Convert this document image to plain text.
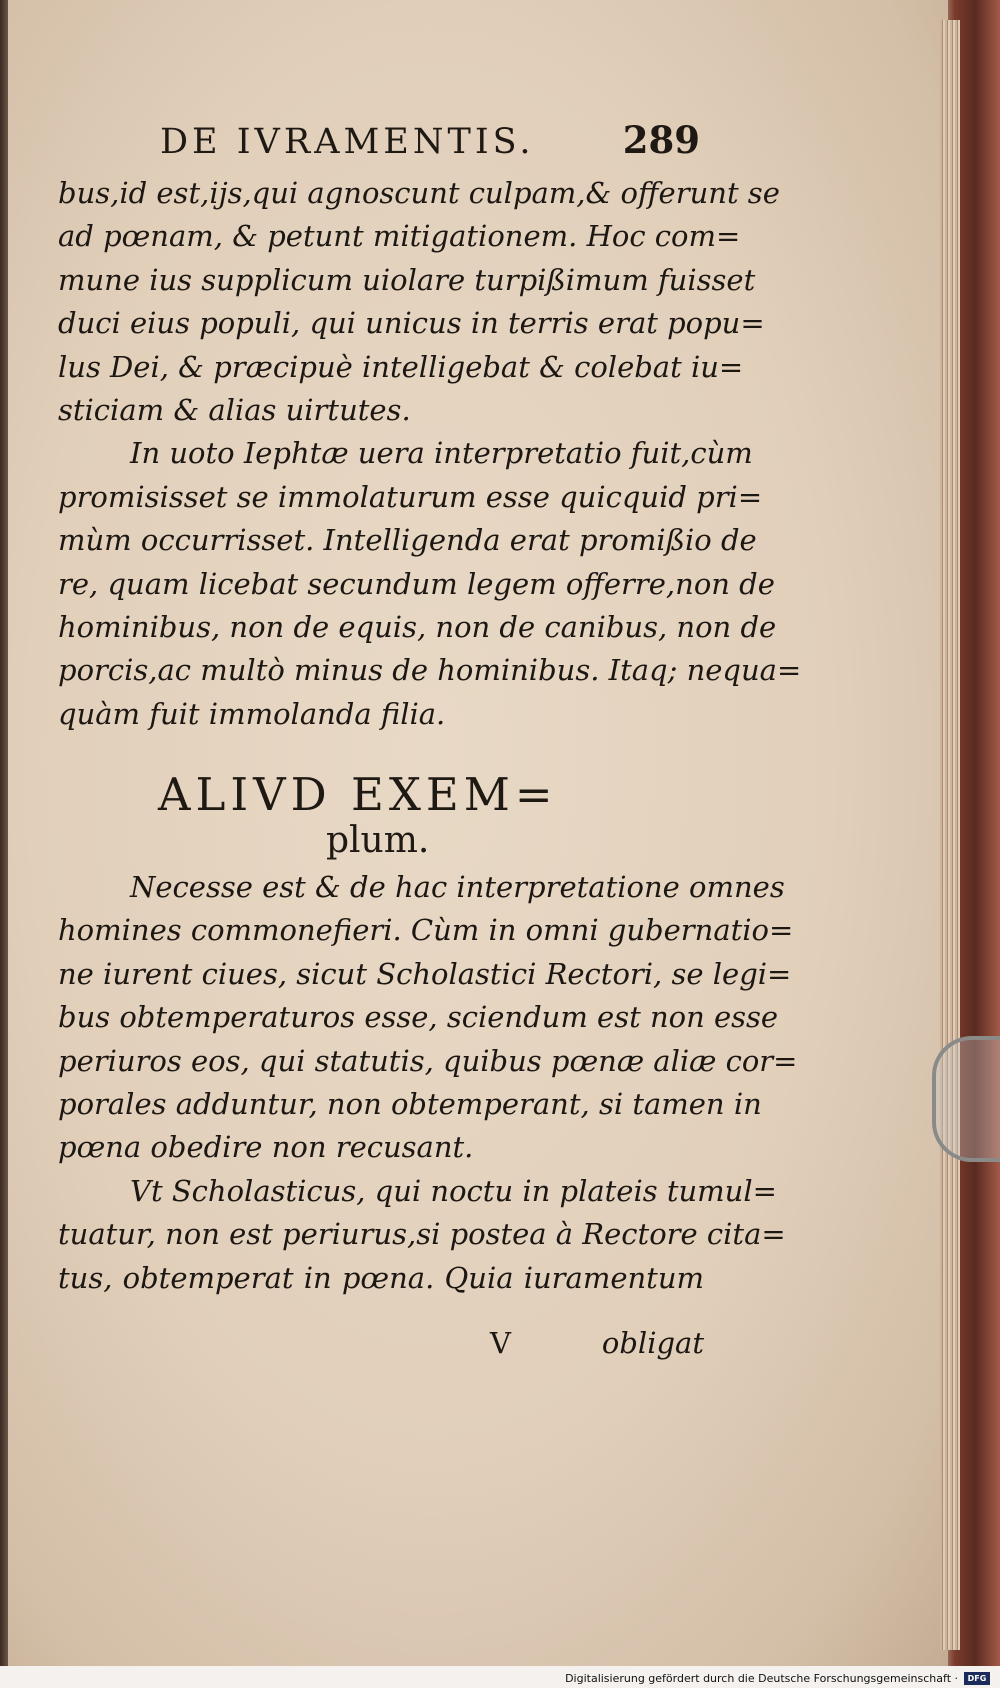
DE IVRAMENTIS. 289
bus,id est,ijs,qui agnoscunt culpam,& offerunt se
ad pœnam, & petunt mitigationem. Hoc com=
mune ius supplicum uiolare turpißimum fuisset
duci eius populi, qui unicus in terris erat popu=
lus Dei, & præcipuè intelligebat & colebat iu=
sticiam & alias uirtutes.
In uoto Iephtæ uera interpretatio fuit,cùm
promisisset se immolaturum esse quicquid pri=
mùm occurrisset. Intelligenda erat promißio de
re, quam licebat secundum legem offerre,non de
hominibus, non de equis, non de canibus, non de
porcis,ac multò minus de hominibus. Itaq; nequa=
quàm fuit immolanda filia.
ALIVD EXEM=
plum.
Necesse est & de hac interpretatione omnes
homines commonefieri. Cùm in omni gubernatio=
ne iurent ciues, sicut Scholastici Rectori, se legi=
bus obtemperaturos esse, sciendum est non esse
periuros eos, qui statutis, quibus pœnæ aliæ cor=
porales adduntur, non obtemperant, si tamen in
pœna obedire non recusant.
Vt Scholasticus, qui noctu in plateis tumul=
tuatur, non est periurus,si postea à Rectore cita=
tus, obtemperat in pœna. Quia iuramentum
V	obligat
Digitalisierung gefördert durch die Deutsche Forschungsgemeinschaft ·	DFG
